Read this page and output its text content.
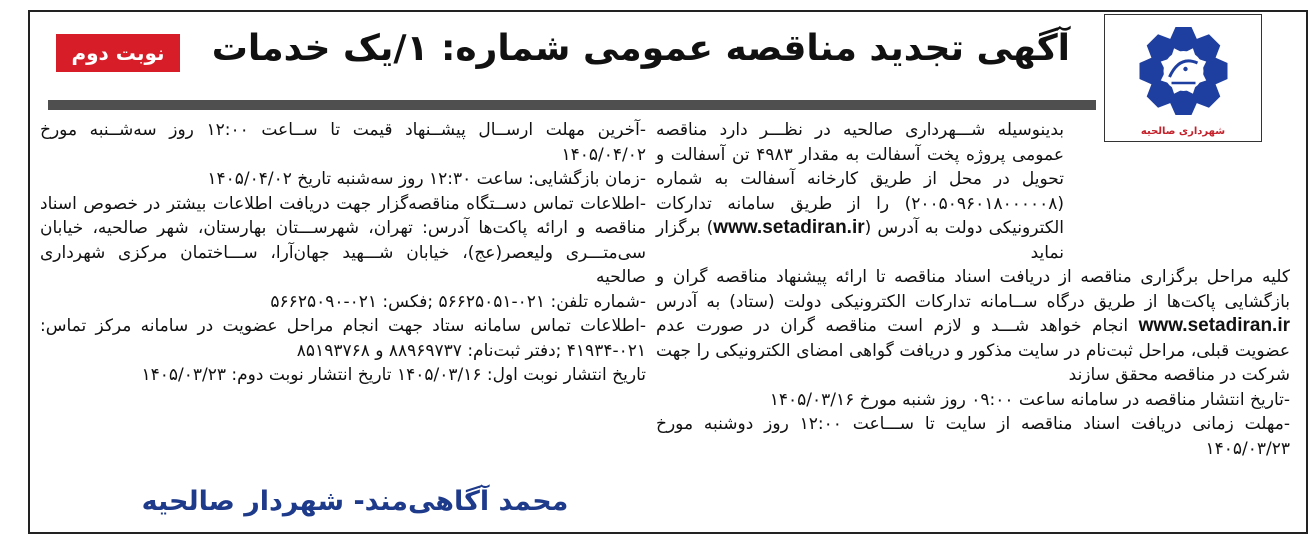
شهرداری صالحیه
آگهی تجدید مناقصه عمومی شماره: ۱/یک خدمات
نوبت دوم

بدینوسیله شـــهرداری صالحیه در نظـــر دارد مناقصه عمومی پروژه پخت آسفالت به مقدار ۴۹۸۳ تن آسفالت و تحویل در محل از طریق کارخانه آسفالت به شماره (۲۰۰۵۰۹۶۰۱۸۰۰۰۰۰۸) را از طریق سامانه تدارکات الکترونیکی دولت به آدرس (www.setadiran.ir) برگزار نماید

کلیه مراحل برگزاری مناقصه از دریافت اسناد مناقصه تا ارائه پیشنهاد مناقصه گران و بازگشایی پاکت‌ها از طریق درگاه ســامانه تدارکات الکترونیکی دولت (ستاد) به آدرس www.setadiran.ir انجام خواهد شـــد و لازم است مناقصه گران در صورت عدم عضویت قبلی، مراحل ثبت‌نام در سایت مذکور و دریافت گواهی امضای الکترونیکی را جهت شرکت در مناقصه محقق سازند

-تاریخ انتشار مناقصه در سامانه ساعت ۰۹:۰۰ روز شنبه مورخ ۱۴۰۵/۰۳/۱۶

-مهلت زمانی دریافت اسناد مناقصه از سایت تا ســـاعت ۱۲:۰۰ روز دوشنبه مورخ ۱۴۰۵/۰۳/۲۳

-آخرین مهلت ارســال پیشــنهاد قیمت تا ســاعت ۱۲:۰۰ روز سه‌شــنبه مورخ ۱۴۰۵/۰۴/۰۲

-زمان بازگشایی: ساعت ۱۲:۳۰ روز سه‌شنبه تاریخ ۱۴۰۵/۰۴/۰۲

-اطلاعات تماس دســتگاه مناقصه‌گزار جهت دریافت اطلاعات بیشتر در خصوص اسناد مناقصه و ارائه پاکت‌ها آدرس: تهران، شهرســـتان بهارستان، شهر صالحیه، خیابان سی‌متـــری ولیعصر(عج)، خیابان شـــهید جهان‌آرا، ســـاختمان مرکزی شهرداری صالحیه

-شماره تلفن: ۰۲۱-۵۶۶۲۵۰۵۱ ;فکس: ۰۲۱-۵۶۶۲۵۰۹۰

-اطلاعات تماس سامانه ستاد جهت انجام مراحل عضویت در سامانه مرکز تماس: ۰۲۱-۴۱۹۳۴ ;دفتر ثبت‌نام: ۸۸۹۶۹۷۳۷ و ۸۵۱۹۳۷۶۸

تاریخ انتشار نوبت اول: ۱۴۰۵/۰۳/۱۶ تاریخ انتشار نوبت دوم: ۱۴۰۵/۰۳/۲۳

محمد آگاهی‌مند- شهردار صالحیه
